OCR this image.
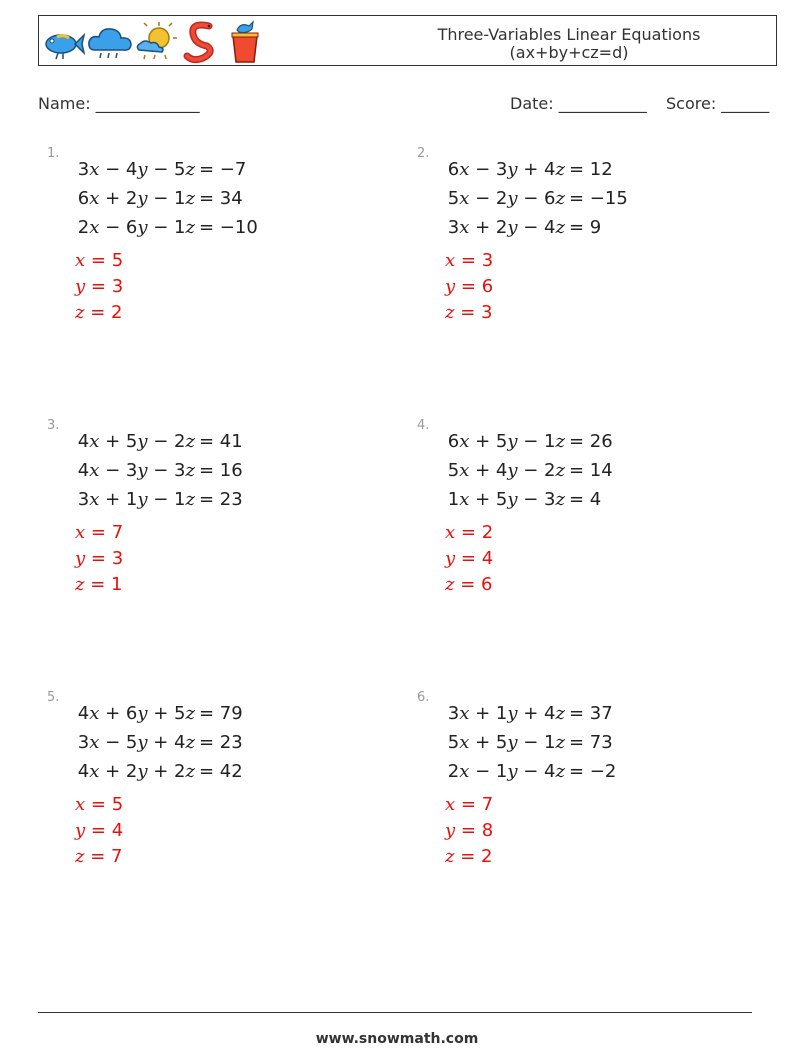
Three-Variables Linear Equations
(ax+by+cz=d)
Name: _____________	Date: ___________ Score: ______
1.
3x − 4y − 5z = −7
6x + 2y − 1z = 34
2x − 6y − 1z = −10
x = 5
y = 3
z = 2
2.
6x − 3y + 4z = 12
5x − 2y − 6z = −15
3x + 2y − 4z = 9
x = 3
y = 6
z = 3
3.
4x + 5y − 2z = 41
4x − 3y − 3z = 16
3x + 1y − 1z = 23
x = 7
y = 3
z = 1
4.
6x + 5y − 1z = 26
5x + 4y − 2z = 14
1x + 5y − 3z = 4
x = 2
y = 4
z = 6
5.
4x + 6y + 5z = 79
3x − 5y + 4z = 23
4x + 2y + 2z = 42
x = 5
y = 4
z = 7
6.
3x + 1y + 4z = 37
5x + 5y − 1z = 73
2x − 1y − 4z = −2
x = 7
y = 8
z = 2
www.snowmath.com
